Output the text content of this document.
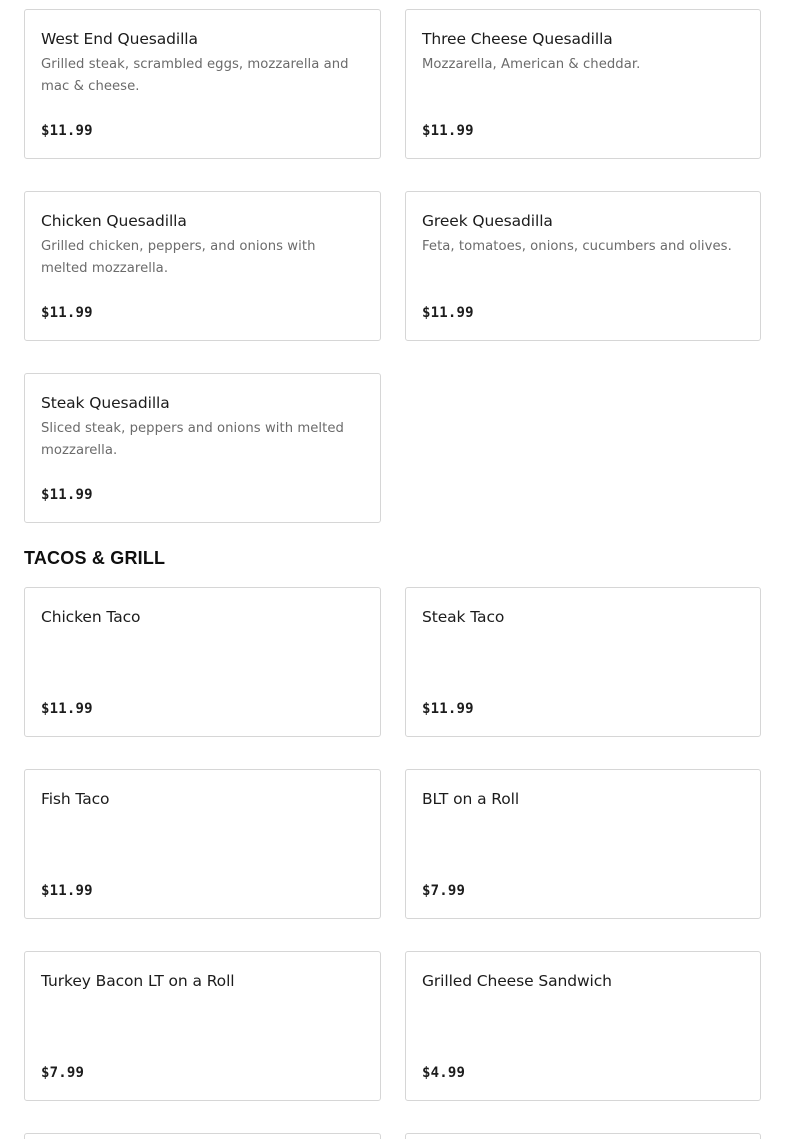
West End Quesadilla
Grilled steak, scrambled eggs, mozzarella and mac & cheese.
$11.99
Three Cheese Quesadilla
Mozzarella, American & cheddar.
$11.99
Chicken Quesadilla
Grilled chicken, peppers, and onions with melted mozzarella.
$11.99
Greek Quesadilla
Feta, tomatoes, onions, cucumbers and olives.
$11.99
Steak Quesadilla
Sliced steak, peppers and onions with melted mozzarella.
$11.99
TACOS & GRILL
Chicken Taco
$11.99
Steak Taco
$11.99
Fish Taco
$11.99
BLT on a Roll
$7.99
Turkey Bacon LT on a Roll
$7.99
Grilled Cheese Sandwich
$4.99
